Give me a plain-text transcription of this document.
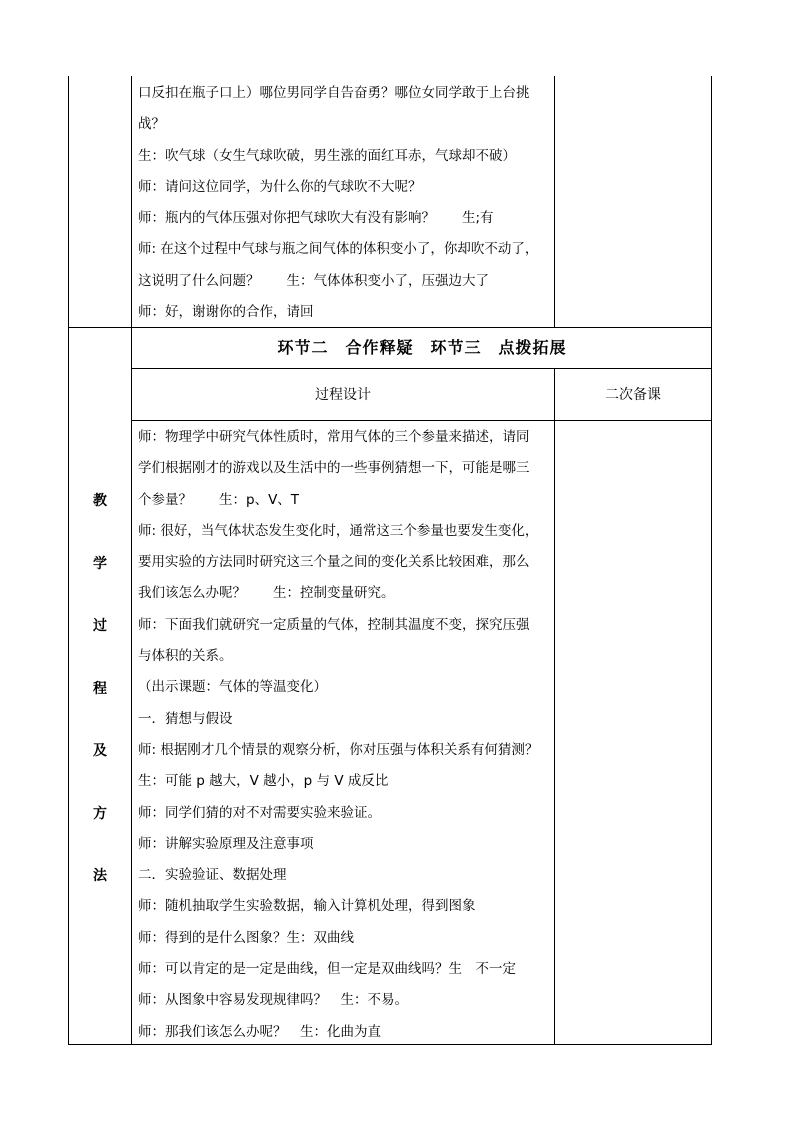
口反扣在瓶子口上）哪位男同学自告奋勇？哪位女同学敢于上台挑

战？

生：吹气球（女生气球吹破，男生涨的面红耳赤，气球却不破）

师：请问这位同学，为什么你的气球吹不大呢？

师：瓶内的气体压强对你把气球吹大有没有影响？　　生;有

师: 在这个过程中气球与瓶之间气体的体积变小了，你却吹不动了，

这说明了什么问题？　　生：气体体积变小了，压强边大了

师：好，谢谢你的合作，请回

环节二　合作释疑　环节三　点拨拓展
过程设计	二次备课
教
学
过
程
及
方
法

师：物理学中研究气体性质时，常用气体的三个参量来描述，请同

学们根据刚才的游戏以及生活中的一些事例猜想一下，可能是哪三

个参量？　　生：p、V、T

师: 很好，当气体状态发生变化时，通常这三个参量也要发生变化，

要用实验的方法同时研究这三个量之间的变化关系比较困难，那么

我们该怎么办呢？　　生：控制变量研究。

师：下面我们就研究一定质量的气体，控制其温度不变，探究压强

与体积的关系。

（出示课题：气体的等温变化）

一．猜想与假设

师: 根据刚才几个情景的观察分析，你对压强与体积关系有何猜测？

生：可能 p 越大，V 越小，p 与 V 成反比

师：同学们猜的对不对需要实验来验证。

师：讲解实验原理及注意事项

二．实验验证、数据处理

师：随机抽取学生实验数据，输入计算机处理，得到图象

师：得到的是什么图象？生：双曲线

师：可以肯定的是一定是曲线，但一定是双曲线吗？生　不一定

师：从图象中容易发现规律吗？　生：不易。

师：那我们该怎么办呢？　生：化曲为直
